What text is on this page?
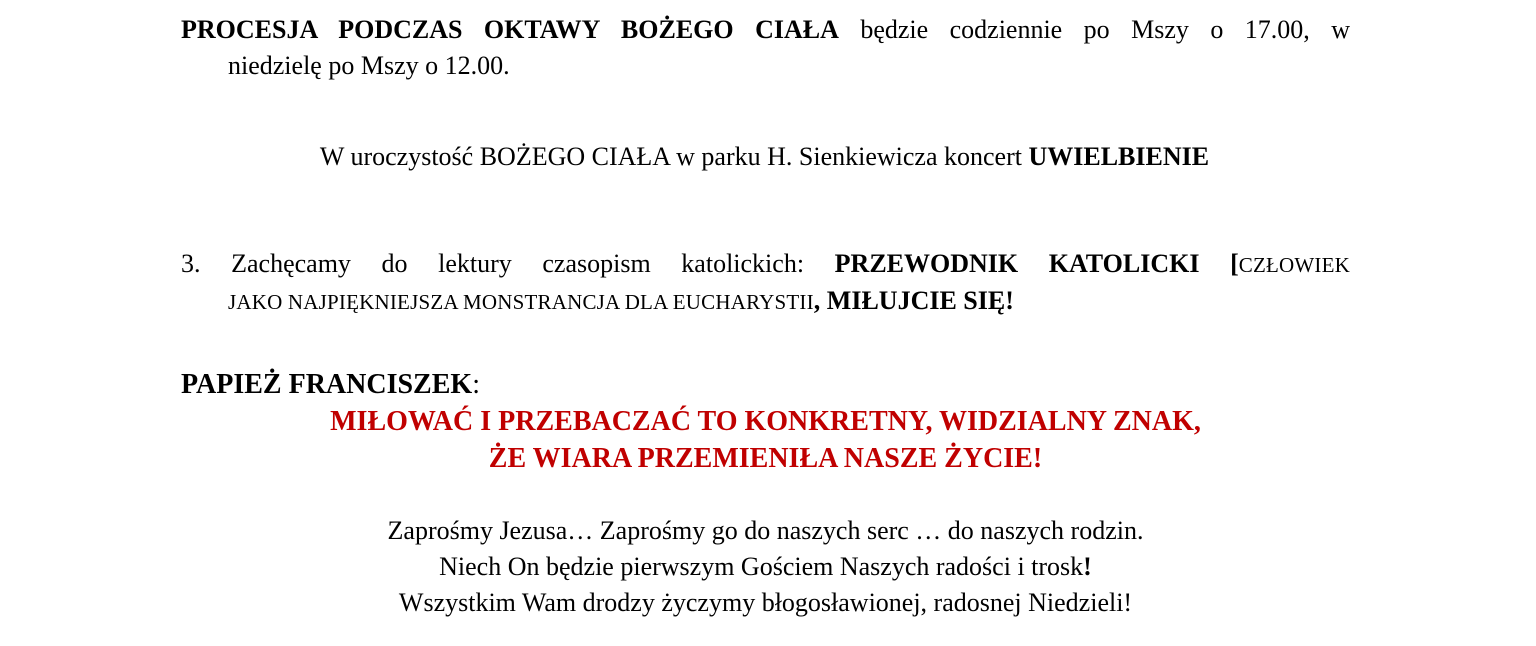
PROCESJA PODCZAS OKTAWY BOŻEGO CIAŁA będzie codziennie po Mszy o 17.00, w
niedzielę po Mszy o 12.00.
W uroczystość BOŻEGO CIAŁA w parku H. Sienkiewicza koncert UWIELBIENIE
3. Zachęcamy do lektury czasopism katolickich: PRZEWODNIK KATOLICKI [CZŁOWIEK
JAKO NAJPIĘKNIEJSZA MONSTRANCJA DLA EUCHARYSTII, MIŁUJCIE SIĘ!
PAPIEŻ FRANCISZEK:
MIŁOWAĆ I PRZEBACZAĆ TO KONKRETNY, WIDZIALNY ZNAK,
ŻE WIARA PRZEMIENIŁA NASZE ŻYCIE!
Zaprośmy Jezusa… Zaprośmy go do naszych serc … do naszych rodzin.
Niech On będzie pierwszym Gościem Naszych radości i trosk!
Wszystkim Wam drodzy życzymy błogosławionej, radosnej Niedzieli!
